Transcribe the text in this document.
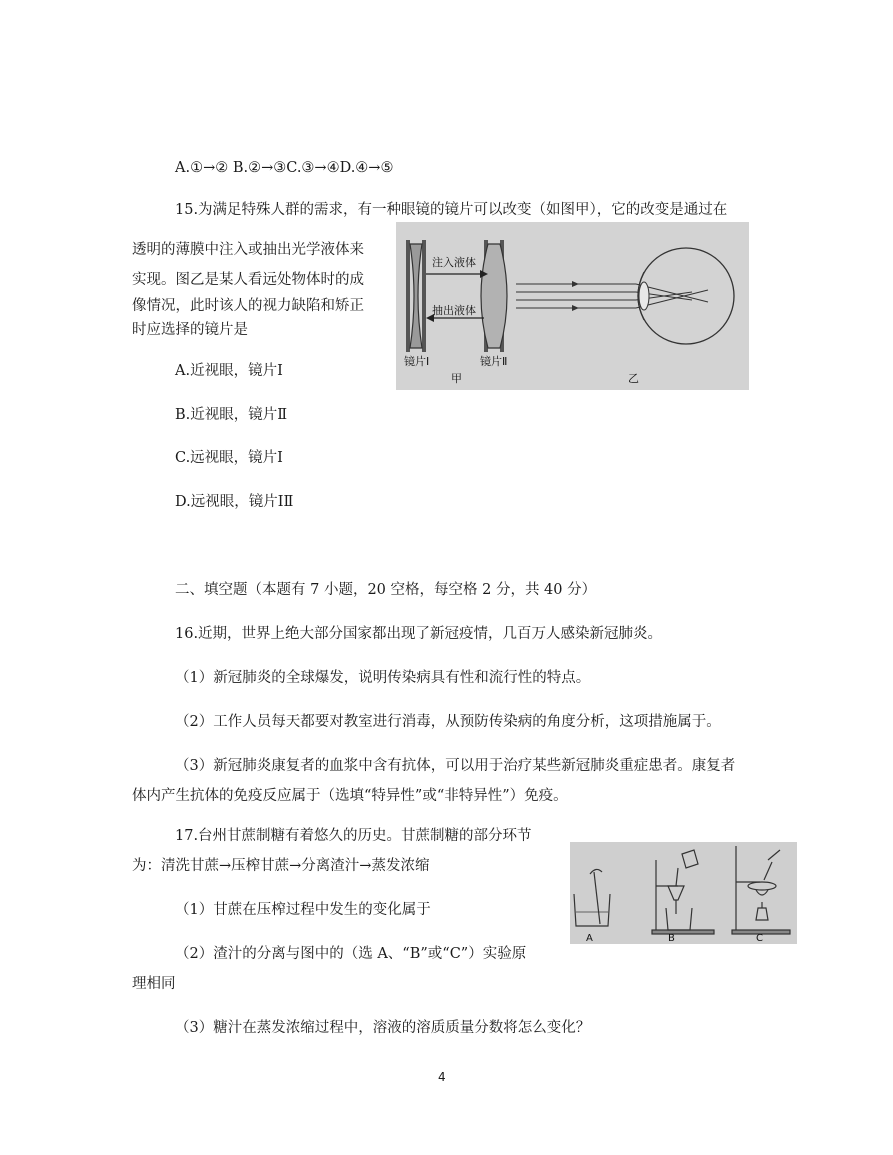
A.①→② B.②→③C.③→④D.④→⑤
15.为满足特殊人群的需求，有一种眼镜的镜片可以改变（如图甲），它的改变是通过在
透明的薄膜中注入或抽出光学液体来
实现。图乙是某人看远处物体时的成
像情况，此时该人的视力缺陷和矫正
时应选择的镜片是
A.近视眼，镜片Ⅰ
B.近视眼，镜片Ⅱ
C.远视眼，镜片Ⅰ
D.远视眼，镜片ⅠⅡ
注入液体
抽出液体
镜片Ⅰ	镜片Ⅱ
甲	乙
二、填空题（本题有 7 小题，20 空格，每空格 2 分，共 40 分）
16.近期，世界上绝大部分国家都出现了新冠疫情，几百万人感染新冠肺炎。
（1）新冠肺炎的全球爆发，说明传染病具有性和流行性的特点。
（2）工作人员每天都要对教室进行消毒，从预防传染病的角度分析，这项措施属于。
（3）新冠肺炎康复者的血浆中含有抗体，可以用于治疗某些新冠肺炎重症患者。康复者
体内产生抗体的免疫反应属于（选填“特异性”或“非特异性”）免疫。
17.台州甘蔗制糖有着悠久的历史。甘蔗制糖的部分环节
为：清洗甘蔗→压榨甘蔗→分离渣汁→蒸发浓缩
（1）甘蔗在压榨过程中发生的变化属于
（2）渣汁的分离与图中的（选 A、“B”或“C”）实验原
理相同
（3）糖汁在蒸发浓缩过程中，溶液的溶质质量分数将怎么变化？
A	B	C
4
